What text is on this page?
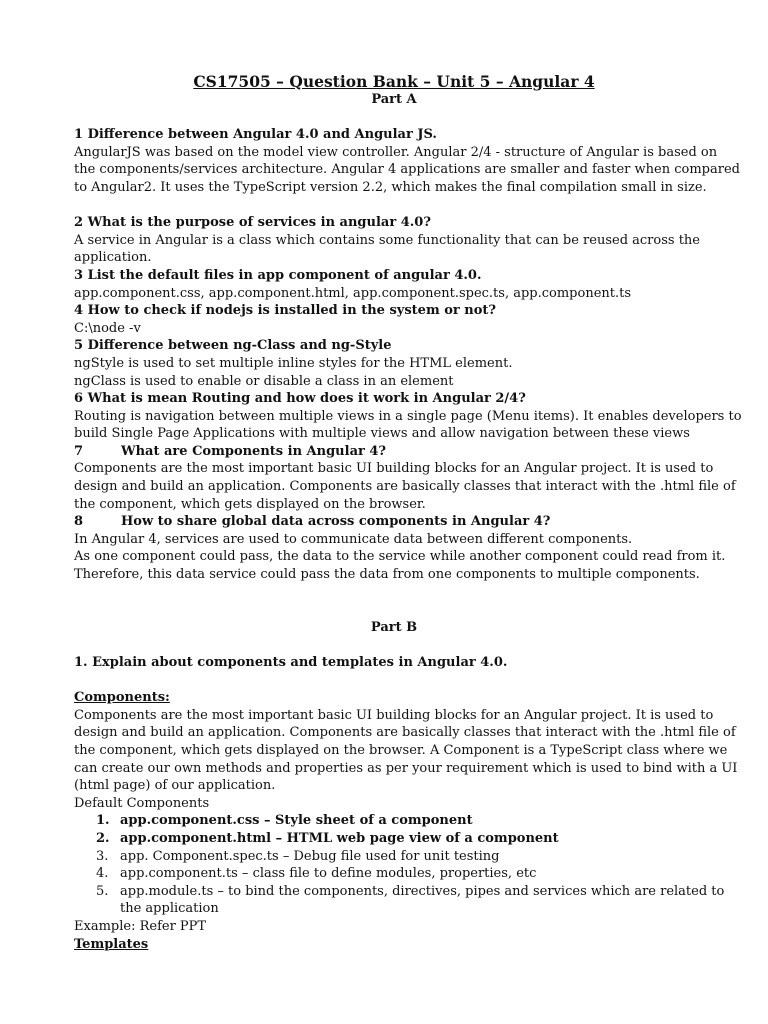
CS17505 – Question Bank – Unit 5 – Angular 4

Part A

1 Difference between Angular 4.0 and Angular JS.

AngularJS was based on the model view controller. Angular 2/4 - structure of Angular is based on

the components/services architecture. Angular 4 applications are smaller and faster when compared

to Angular2. It uses the TypeScript version 2.2, which makes the final compilation small in size.

2 What is the purpose of services in angular 4.0?

A service in Angular is a class which contains some functionality that can be reused across the

application.

3 List the default files in app component of angular 4.0.

app.component.css, app.component.html, app.component.spec.ts, app.component.ts

4 How to check if nodejs is installed in the system or not?

C:\node -v

5 Difference between ng-Class and ng-Style

ngStyle is used to set multiple inline styles for the HTML element.

ngClass is used to enable or disable a class in an element

6 What is mean Routing and how does it work in Angular 2/4?

Routing is navigation between multiple views in a single page (Menu items). It enables developers to

build Single Page Applications with multiple views and allow navigation between these views

7	What are Components in Angular 4?

Components are the most important basic UI building blocks for an Angular project. It is used to

design and build an application. Components are basically classes that interact with the .html file of

the component, which gets displayed on the browser.

8	How to share global data across components in Angular 4?

In Angular 4, services are used to communicate data between different components.

As one component could pass, the data to the service while another component could read from it.

Therefore, this data service could pass the data from one components to multiple components.

Part B

1. Explain about components and templates in Angular 4.0.

Components:

Components are the most important basic UI building blocks for an Angular project. It is used to

design and build an application. Components are basically classes that interact with the .html file of

the component, which gets displayed on the browser. A Component is a TypeScript class where we

can create our own methods and properties as per your requirement which is used to bind with a UI

(html page) of our application.

Default Components

1. app.component.css – Style sheet of a component
2. app.component.html – HTML web page view of a component
3. app. Component.spec.ts – Debug file used for unit testing
4. app.component.ts – class file to define modules, properties, etc
5. app.module.ts – to bind the components, directives, pipes and services which are related to
the application

Example: Refer PPT

Templates
